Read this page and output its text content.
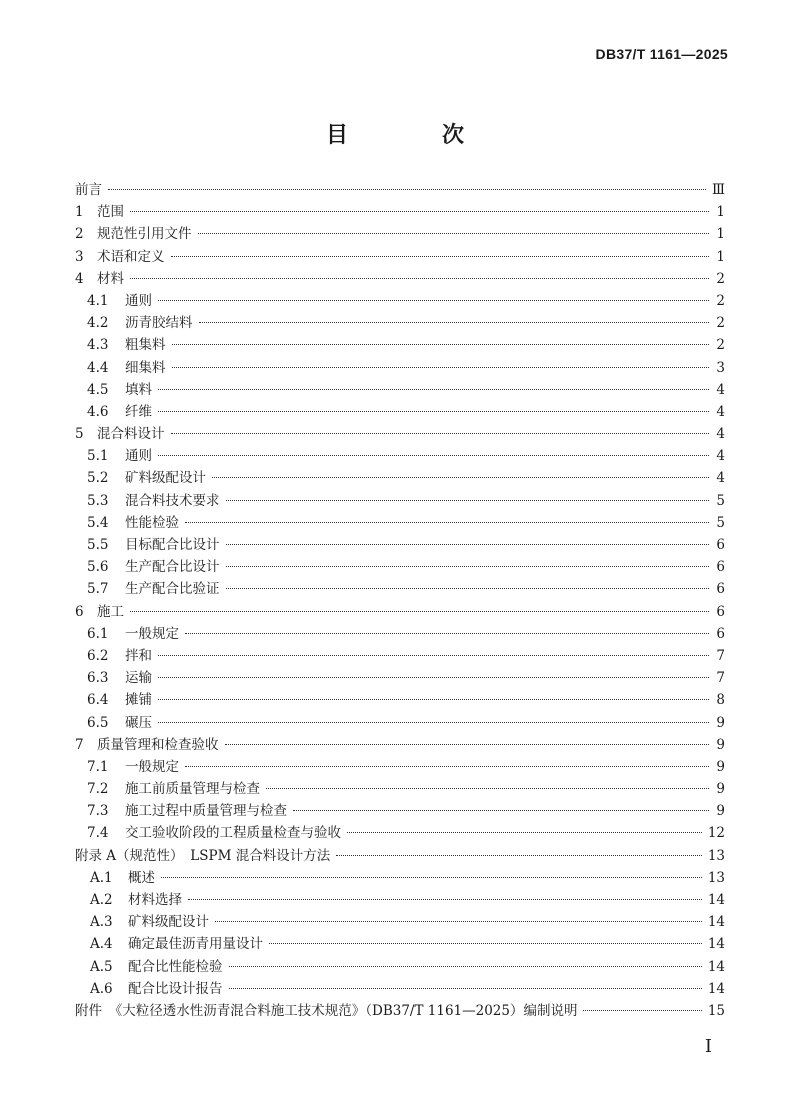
DB37/T 1161—2025
目　次
前言	Ⅲ
1 范围	1
2 规范性引用文件	1
3 术语和定义	1
4 材料	2
4.1	通则	2
4.2	沥青胶结料	2
4.3	粗集料	2
4.4	细集料	3
4.5	填料	4
4.6	纤维	4
5 混合料设计	4
5.1	通则	4
5.2	矿料级配设计	4
5.3	混合料技术要求	5
5.4	性能检验	5
5.5	目标配合比设计	6
5.6	生产配合比设计	6
5.7	生产配合比验证	6
6 施工	6
6.1	一般规定	6
6.2	拌和	7
6.3	运输	7
6.4	摊铺	8
6.5	碾压	9
7 质量管理和检查验收	9
7.1	一般规定	9
7.2	施工前质量管理与检查	9
7.3	施工过程中质量管理与检查	9
7.4	交工验收阶段的工程质量检查与验收	12
附录 A（规范性）　LSPM 混合料设计方法	13
A.1	概述	13
A.2	材料选择	14
A.3	矿料级配设计	14
A.4	确定最佳沥青用量设计	14
A.5	配合比性能检验	14
A.6	配合比设计报告	14
附件　《大粒径透水性沥青混合料施工技术规范》（DB37/T 1161—2025）编制说明	15
I
